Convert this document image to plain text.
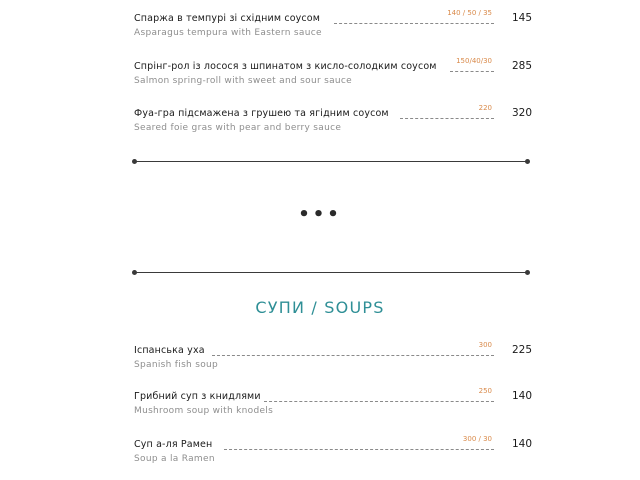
Спаржа в темпурі зі східним соусом	140 / 50 / 35 145
Asparagus tempura with Eastern sauce
Спрінг-рол із лосося з шпинатом з кисло-солодким соусом	150/40/30 285
Salmon spring-roll with sweet and sour sauce
Фуа-гра підсмажена з грушею та ягідним соусом	220 320
Seared foie gras with pear and berry sauce
•••
СУПИ / SOUPS
Іспанська уха	300 225
Spanish fish soup
Грибний суп з книдлями	250 140
Mushroom soup with knodels
Суп а-ля Рамен	300 / 30 140
Soup a la Ramen
